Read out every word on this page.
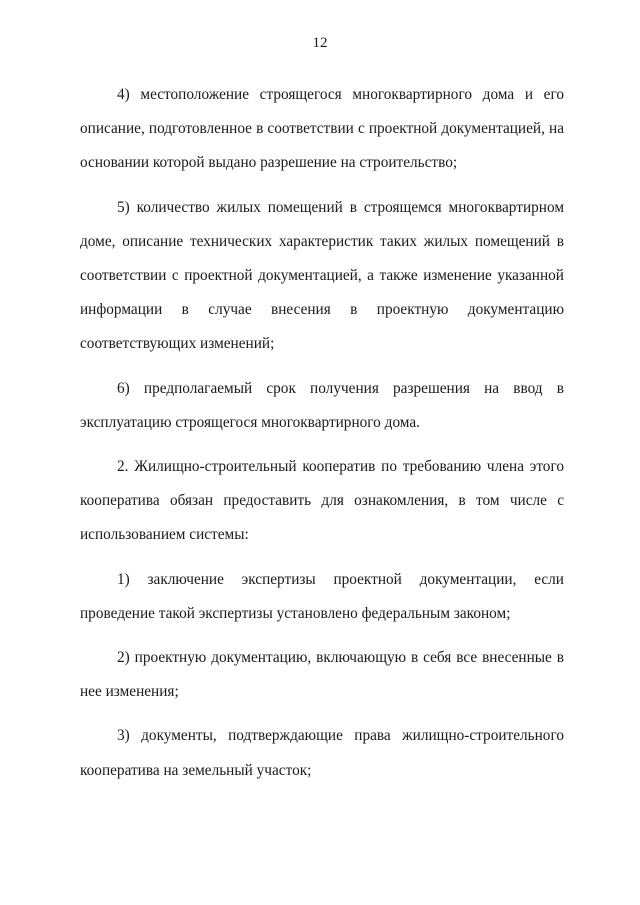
12

4) местоположение строящегося многоквартирного дома и его описание, подготовленное в соответствии с проектной документацией, на основании которой выдано разрешение на строительство;

5) количество жилых помещений в строящемся многоквартирном доме, описание технических характеристик таких жилых помещений в соответствии с проектной документацией, а также изменение указанной информации в случае внесения в проектную документацию соответствующих изменений;

6) предполагаемый срок получения разрешения на ввод в эксплуатацию строящегося многоквартирного дома.

2. Жилищно-строительный кооператив по требованию члена этого кооператива обязан предоставить для ознакомления, в том числе с использованием системы:

1) заключение экспертизы проектной документации, если проведение такой экспертизы установлено федеральным законом;

2) проектную документацию, включающую в себя все внесенные в нее изменения;

3) документы, подтверждающие права жилищно-строительного кооператива на земельный участок;
